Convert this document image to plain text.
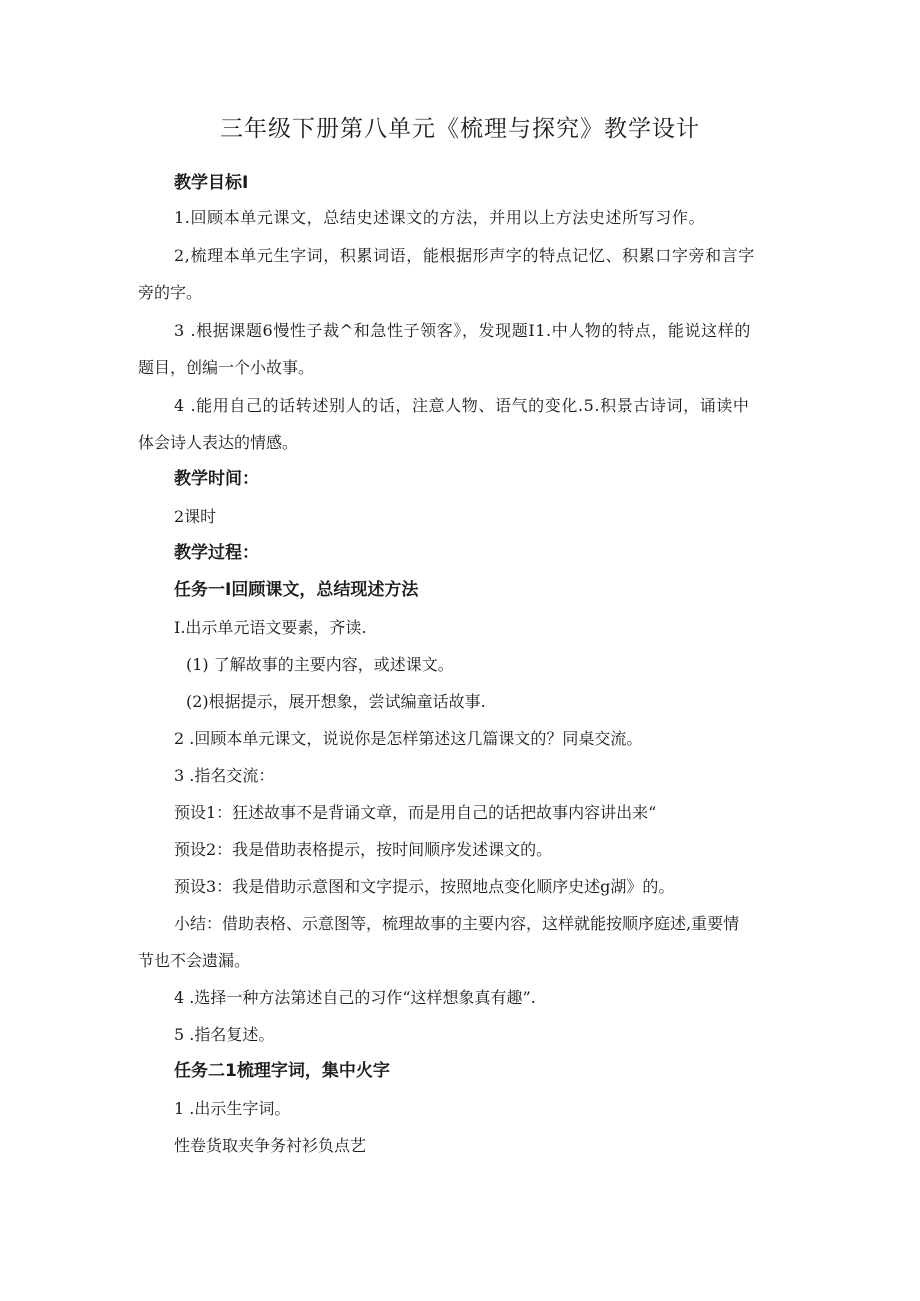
三年级下册第八单元《梳理与探究》教学设计
教学目标I
1.回顾本单元课文，总结史述课文的方法，并用以上方法史述所写习作。
2,梳理本单元生字词，积累词语，能根据形声字的特点记忆、积累口字旁和言字
旁的字。
3 .根据课题6慢性子裁^和急性子领客》，发现题I1.中人物的特点，能说这样的
题目，创编一个小故事。
4 .能用自己的话转述别人的话，注意人物、语气的变化.5.积景古诗词，诵读中
体会诗人表达的情感。
教学时间：
2课时
教学过程：
任务一I回顾课文，总结现述方法
I.出示单元语文要素，齐读.
(1) 了解故事的主要内容，或述课文。
(2)根据提示，展开想象，尝试编童话故事.
2 .回顾本单元课文，说说你是怎样第述这几篇课文的？同桌交流。
3 .指名交流：
预设1：狂述故事不是背诵文章，而是用自己的话把故事内容讲出来“
预设2：我是借助表格提示，按时间顺序发述课文的。
预设3：我是借助示意图和文字提示，按照地点变化顺序史述g湖》的。
小结：借助表格、示意图等，梳理故事的主要内容，这样就能按顺序庭述,重要情
节也不会遗漏。
4 .选择一种方法第述自己的习作“这样想象真有趣”.
5 .指名复述。
任务二1梳理字词，集中火字
1 .出示生字词。
性卷货取夹争务衬衫负点艺
